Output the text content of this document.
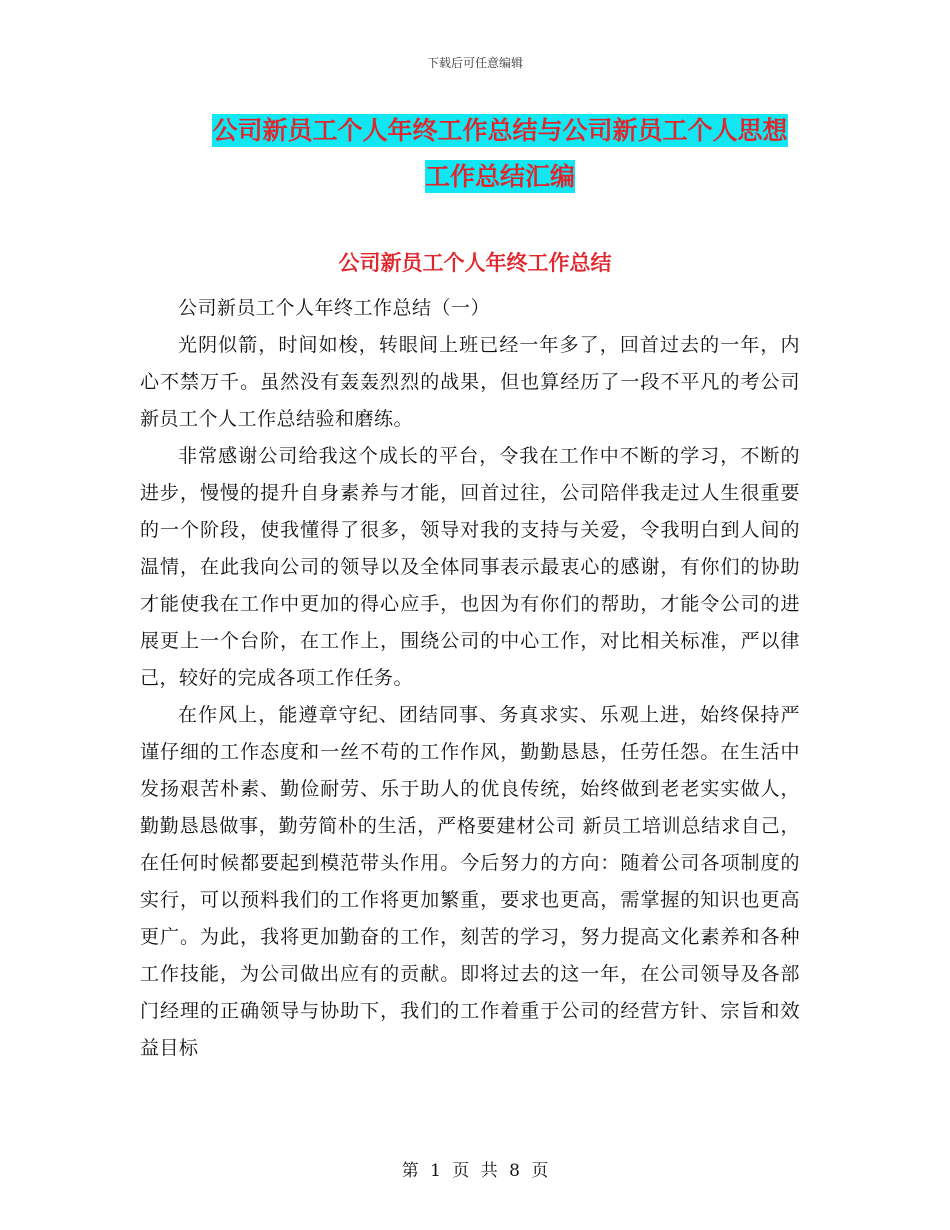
下载后可任意编辑
公司新员工个人年终工作总结与公司新员工个人思想
工作总结汇编
公司新员工个人年终工作总结

公司新员工个人年终工作总结（一）

光阴似箭，时间如梭，转眼间上班已经一年多了，回首过去的一年，内心不禁万千。虽然没有轰轰烈烈的战果，但也算经历了一段不平凡的考公司新员工个人工作总结验和磨练。

非常感谢公司给我这个成长的平台，令我在工作中不断的学习，不断的进步，慢慢的提升自身素养与才能，回首过往，公司陪伴我走过人生很重要的一个阶段，使我懂得了很多，领导对我的支持与关爱，令我明白到人间的温情，在此我向公司的领导以及全体同事表示最衷心的感谢，有你们的协助才能使我在工作中更加的得心应手，也因为有你们的帮助，才能令公司的进展更上一个台阶，在工作上，围绕公司的中心工作，对比相关标准，严以律己，较好的完成各项工作任务。

在作风上，能遵章守纪、团结同事、务真求实、乐观上进，始终保持严谨仔细的工作态度和一丝不苟的工作作风，勤勤恳恳，任劳任怨。在生活中发扬艰苦朴素、勤俭耐劳、乐于助人的优良传统，始终做到老老实实做人，勤勤恳恳做事，勤劳简朴的生活，严格要建材公司 新员工培训总结求自己，在任何时候都要起到模范带头作用。今后努力的方向：随着公司各项制度的实行，可以预料我们的工作将更加繁重，要求也更高，需掌握的知识也更高更广。为此，我将更加勤奋的工作，刻苦的学习，努力提高文化素养和各种工作技能，为公司做出应有的贡献。即将过去的这一年，在公司领导及各部门经理的正确领导与协助下，我们的工作着重于公司的经营方针、宗旨和效益目标

第 1 页 共 8 页
